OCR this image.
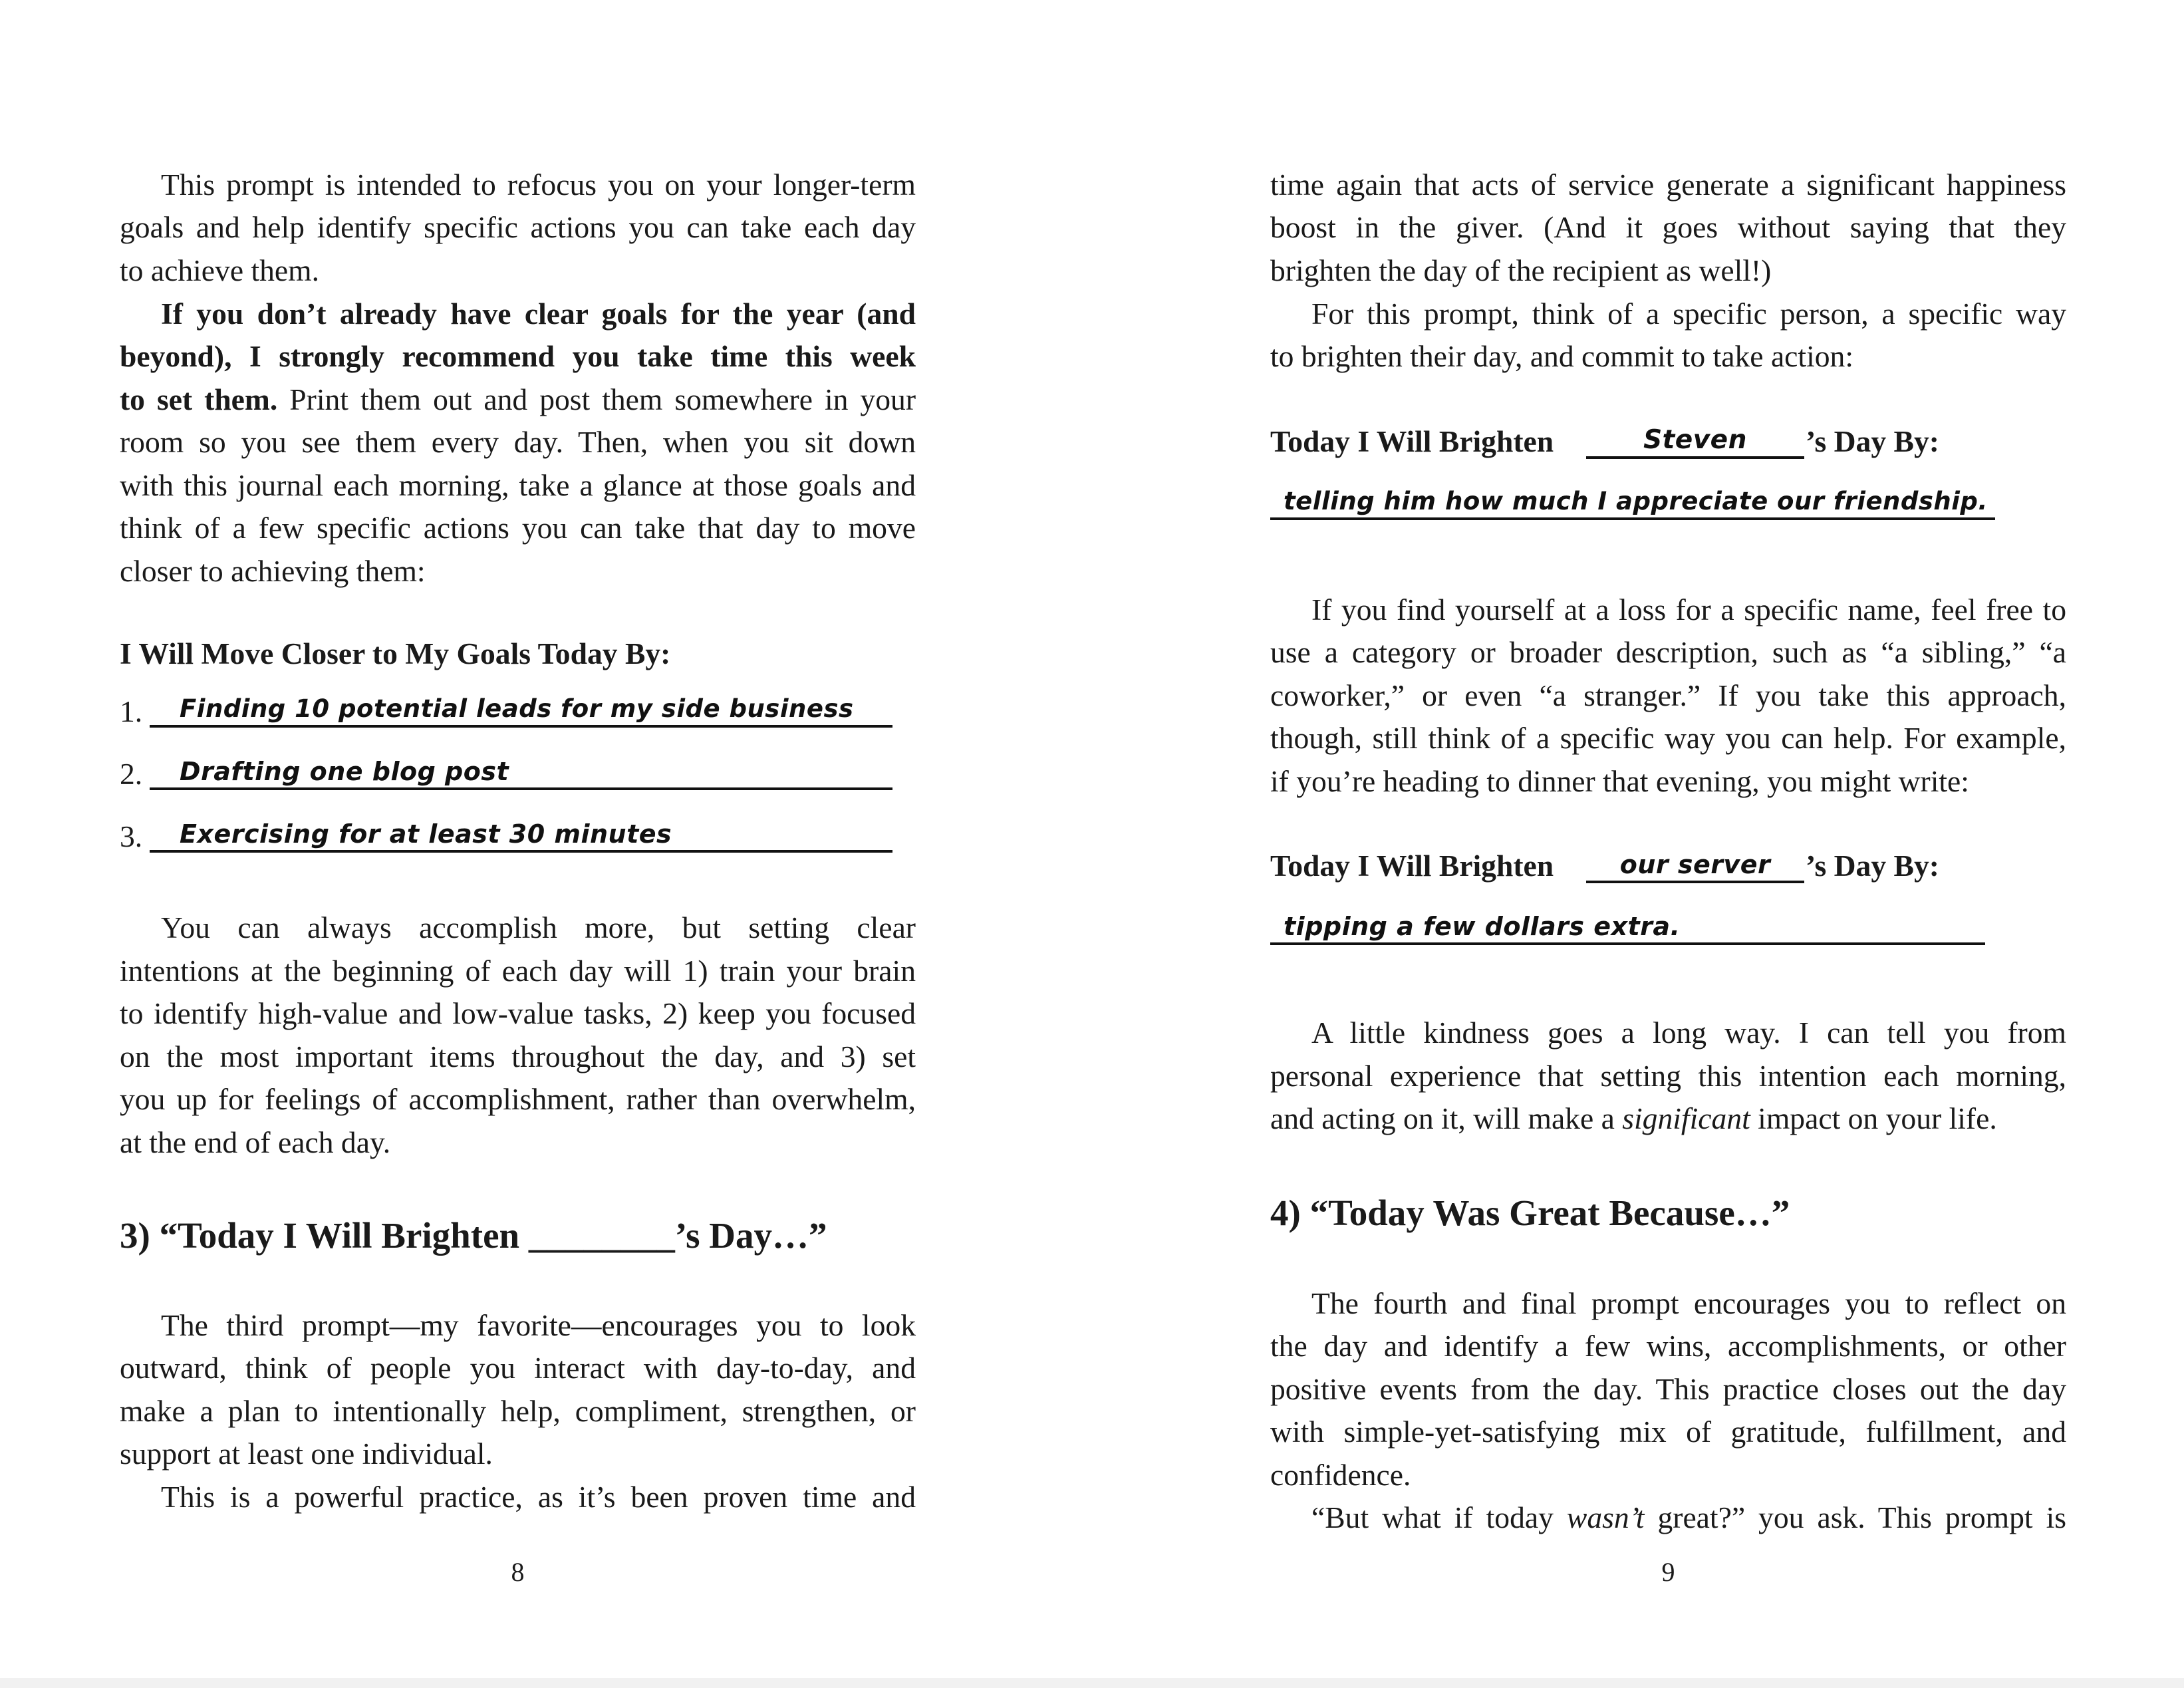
This prompt is intended to refocus you on your longer-term

goals and help identify specific actions you can take each day

to achieve them.

If you don’t already have clear goals for the year (and

beyond), I strongly recommend you take time this week

to set them. Print them out and post them somewhere in your

room so you see them every day. Then, when you sit down

with this journal each morning, take a glance at those goals and

think of a few specific actions you can take that day to move

closer to achieving them:

I Will Move Closer to My Goals Today By:

1.	Finding 10 potential leads for my side business

2.	Drafting one blog post

3.	Exercising for at least 30 minutes

You can always accomplish more, but setting clear

intentions at the beginning of each day will 1) train your brain

to identify high-value and low-value tasks, 2) keep you focused

on the most important items throughout the day, and 3) set

you up for feelings of accomplishment, rather than overwhelm,

at the end of each day.

3) “Today I Will Brighten ________’s Day…”

The third prompt—my favorite—encourages you to look

outward, think of people you interact with day-to-day, and

make a plan to intentionally help, compliment, strengthen, or

support at least one individual.

This is a powerful practice, as it’s been proven time and

8

time again that acts of service generate a significant happiness

boost in the giver. (And it goes without saying that they

brighten the day of the recipient as well!)

For this prompt, think of a specific person, a specific way

to brighten their day, and commit to take action:

Today I Will Brighten	Steven	’s Day By:

telling him how much I appreciate our friendship.

If you find yourself at a loss for a specific name, feel free to

use a category or broader description, such as “a sibling,” “a

coworker,” or even “a stranger.” If you take this approach,

though, still think of a specific way you can help. For example,

if you’re heading to dinner that evening, you might write:

Today I Will Brighten	our server	’s Day By:

tipping a few dollars extra.

A little kindness goes a long way. I can tell you from

personal experience that setting this intention each morning,

and acting on it, will make a significant impact on your life.

4) “Today Was Great Because…”

The fourth and final prompt encourages you to reflect on

the day and identify a few wins, accomplishments, or other

positive events from the day. This practice closes out the day

with simple-yet-satisfying mix of gratitude, fulfillment, and

confidence.

“But what if today wasn’t great?” you ask. This prompt is

9
